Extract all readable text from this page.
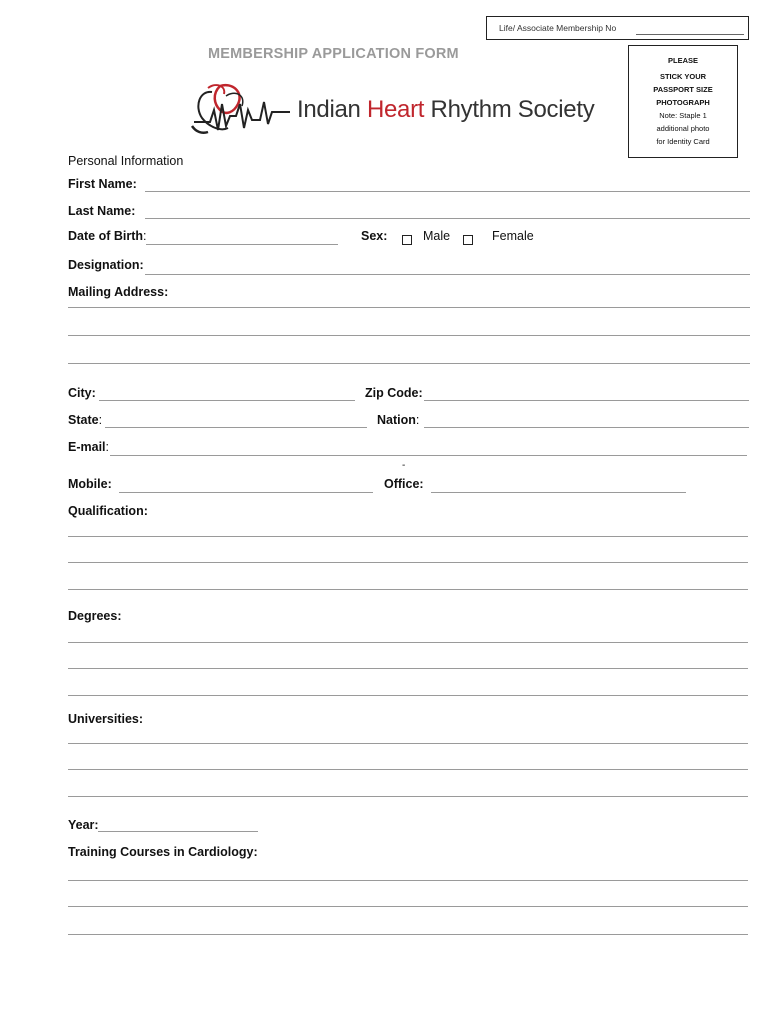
Life/ Associate Membership No
MEMBERSHIP APPLICATION FORM	PLEASE
STICK YOUR
PASSPORT SIZE
PHOTOGRAPH
Note: Staple 1
additional photo
for Identity Card
Indian Heart Rhythm Society
Personal Information
First Name:
Last Name:
Date of Birth:	Sex:	Male	Female
Designation:
Mailing Address:
City:	Zip Code:
State:	Nation:
E-mail:
-
Mobile:	Office:
Qualification:
Degrees:
Universities:
Year:
Training Courses in Cardiology:
